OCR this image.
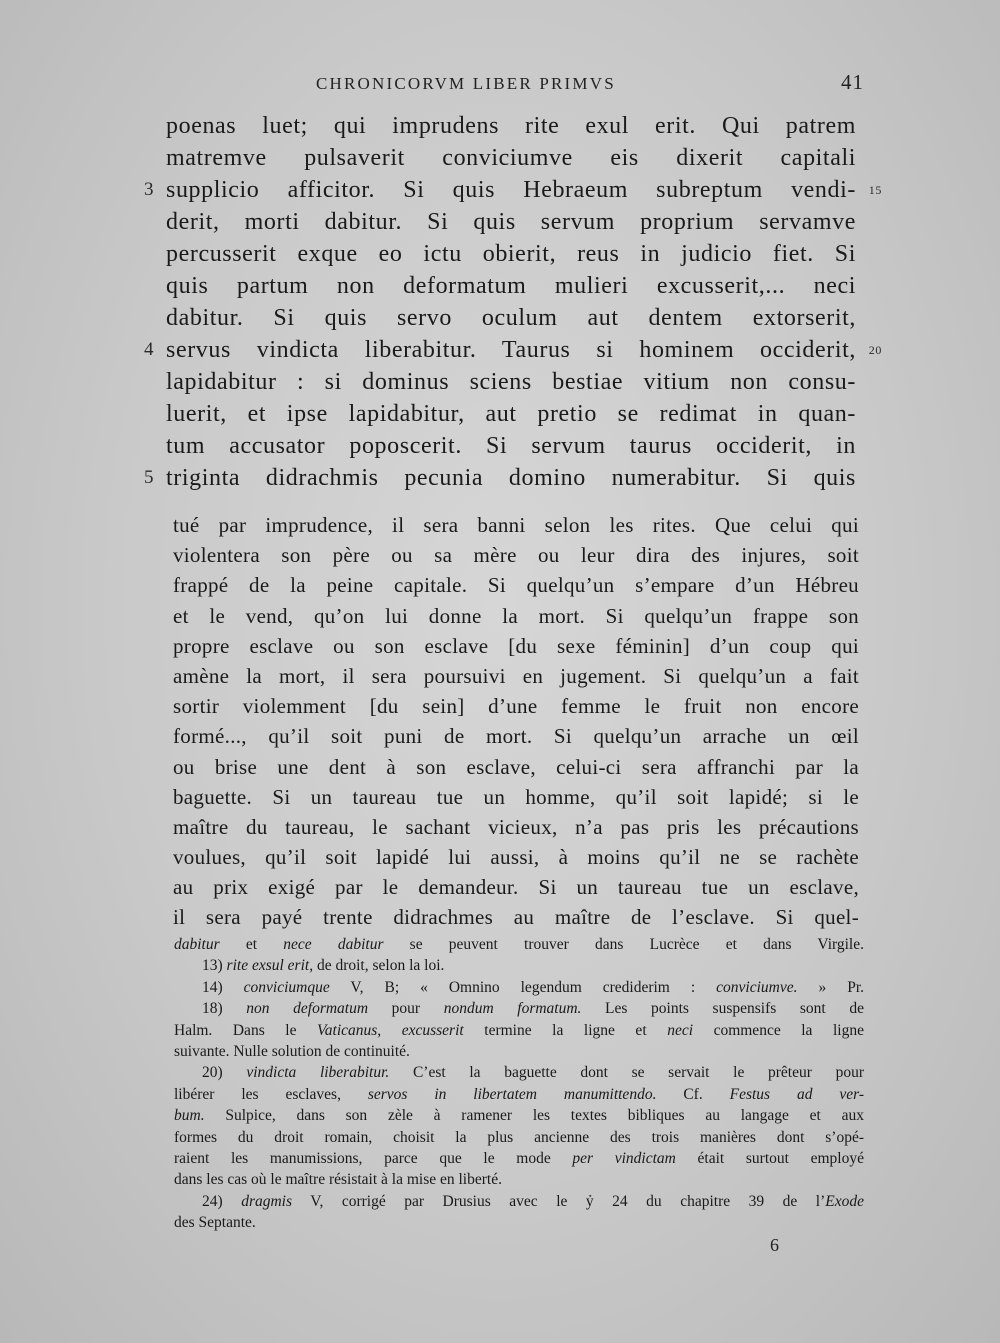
CHRONICORVM LIBER PRIMVS	41
poenas luet; qui imprudens rite exul erit. Qui patrem
matremve pulsaverit conviciumve eis dixerit capitali
3 supplicio afficitor. Si quis Hebraeum subreptum vendi- 15
derit, morti dabitur. Si quis servum proprium servamve
percusserit exque eo ictu obierit, reus in judicio fiet. Si
quis partum non deformatum mulieri excusserit,... neci
dabitur. Si quis servo oculum aut dentem extorserit,
4 servus vindicta liberabitur. Taurus si hominem occiderit, 20
lapidabitur : si dominus sciens bestiae vitium non consu-
luerit, et ipse lapidabitur, aut pretio se redimat in quan-
tum accusator poposcerit. Si servum taurus occiderit, in
5 triginta didrachmis pecunia domino numerabitur. Si quis
tué par imprudence, il sera banni selon les rites. Que celui qui
violentera son père ou sa mère ou leur dira des injures, soit
frappé de la peine capitale. Si quelqu’un s’empare d’un Hébreu
et le vend, qu’on lui donne la mort. Si quelqu’un frappe son
propre esclave ou son esclave [du sexe féminin] d’un coup qui
amène la mort, il sera poursuivi en jugement. Si quelqu’un a fait
sortir violemment [du sein] d’une femme le fruit non encore
formé..., qu’il soit puni de mort. Si quelqu’un arrache un œil
ou brise une dent à son esclave, celui-ci sera affranchi par la
baguette. Si un taureau tue un homme, qu’il soit lapidé; si le
maître du taureau, le sachant vicieux, n’a pas pris les précautions
voulues, qu’il soit lapidé lui aussi, à moins qu’il ne se rachète
au prix exigé par le demandeur. Si un taureau tue un esclave,
il sera payé trente didrachmes au maître de l’esclave. Si quel-
dabitur et nece dabitur se peuvent trouver dans Lucrèce et dans Virgile.
13) rite exsul erit, de droit, selon la loi.
14) conviciumque V, B; « Omnino legendum crediderim : conviciumve. » Pr.
18) non deformatum pour nondum formatum. Les points suspensifs sont de
Halm. Dans le Vaticanus, excusserit termine la ligne et neci commence la ligne
suivante. Nulle solution de continuité.
20) vindicta liberabitur. C’est la baguette dont se servait le prêteur pour
libérer les esclaves, servos in libertatem manumittendo. Cf. Festus ad ver-
bum. Sulpice, dans son zèle à ramener les textes bibliques au langage et aux
formes du droit romain, choisit la plus ancienne des trois manières dont s’opé-
raient les manumissions, parce que le mode per vindictam était surtout employé
dans les cas où le maître résistait à la mise en liberté.
24) dragmis V, corrigé par Drusius avec le ỷ 24 du chapitre 39 de l’Exode
des Septante.
6
